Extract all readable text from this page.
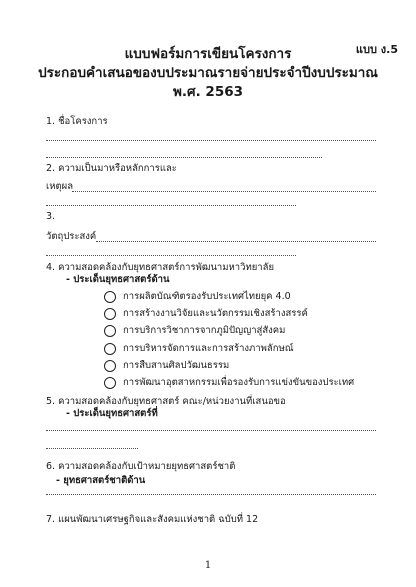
แบบ ง.5
แบบฟอร์มการเขียนโครงการ
ประกอบคำเสนอของบประมาณรายจ่ายประจำปีงบประมาณ
พ.ศ. 2563
1. ชื่อโครงการ
2. ความเป็นมาหรือหลักการและ
เหตุผล
3.
วัตถุประสงค์
4. ความสอดคล้องกับยุทธศาสตร์การพัฒนามหาวิทยาลัย
- ประเด็นยุทธศาสตร์ด้าน
การผลิตบัณฑิตรองรับประเทศไทยยุค 4.0
การสร้างงานวิจัยและนวัตกรรมเชิงสร้างสรรค์
การบริการวิชาการจากภูมิปัญญาสู่สังคม
การบริหารจัดการและการสร้างภาพลักษณ์
การสืบสานศิลปวัฒนธรรม
การพัฒนาอุตสาหกรรมเพื่อรองรับการแข่งขันของประเทศ
5. ความสอดคล้องกับยุทธศาสตร์ คณะ/หน่วยงานที่เสนอขอ
- ประเด็นยุทธศาสตร์ที่
6. ความสอดคล้องกับเป้าหมายยุทธศาสตร์ชาติ
- ยุทธศาสตร์ชาติด้าน
7. แผนพัฒนาเศรษฐกิจและสังคมแห่งชาติ ฉบับที่ 12
1
